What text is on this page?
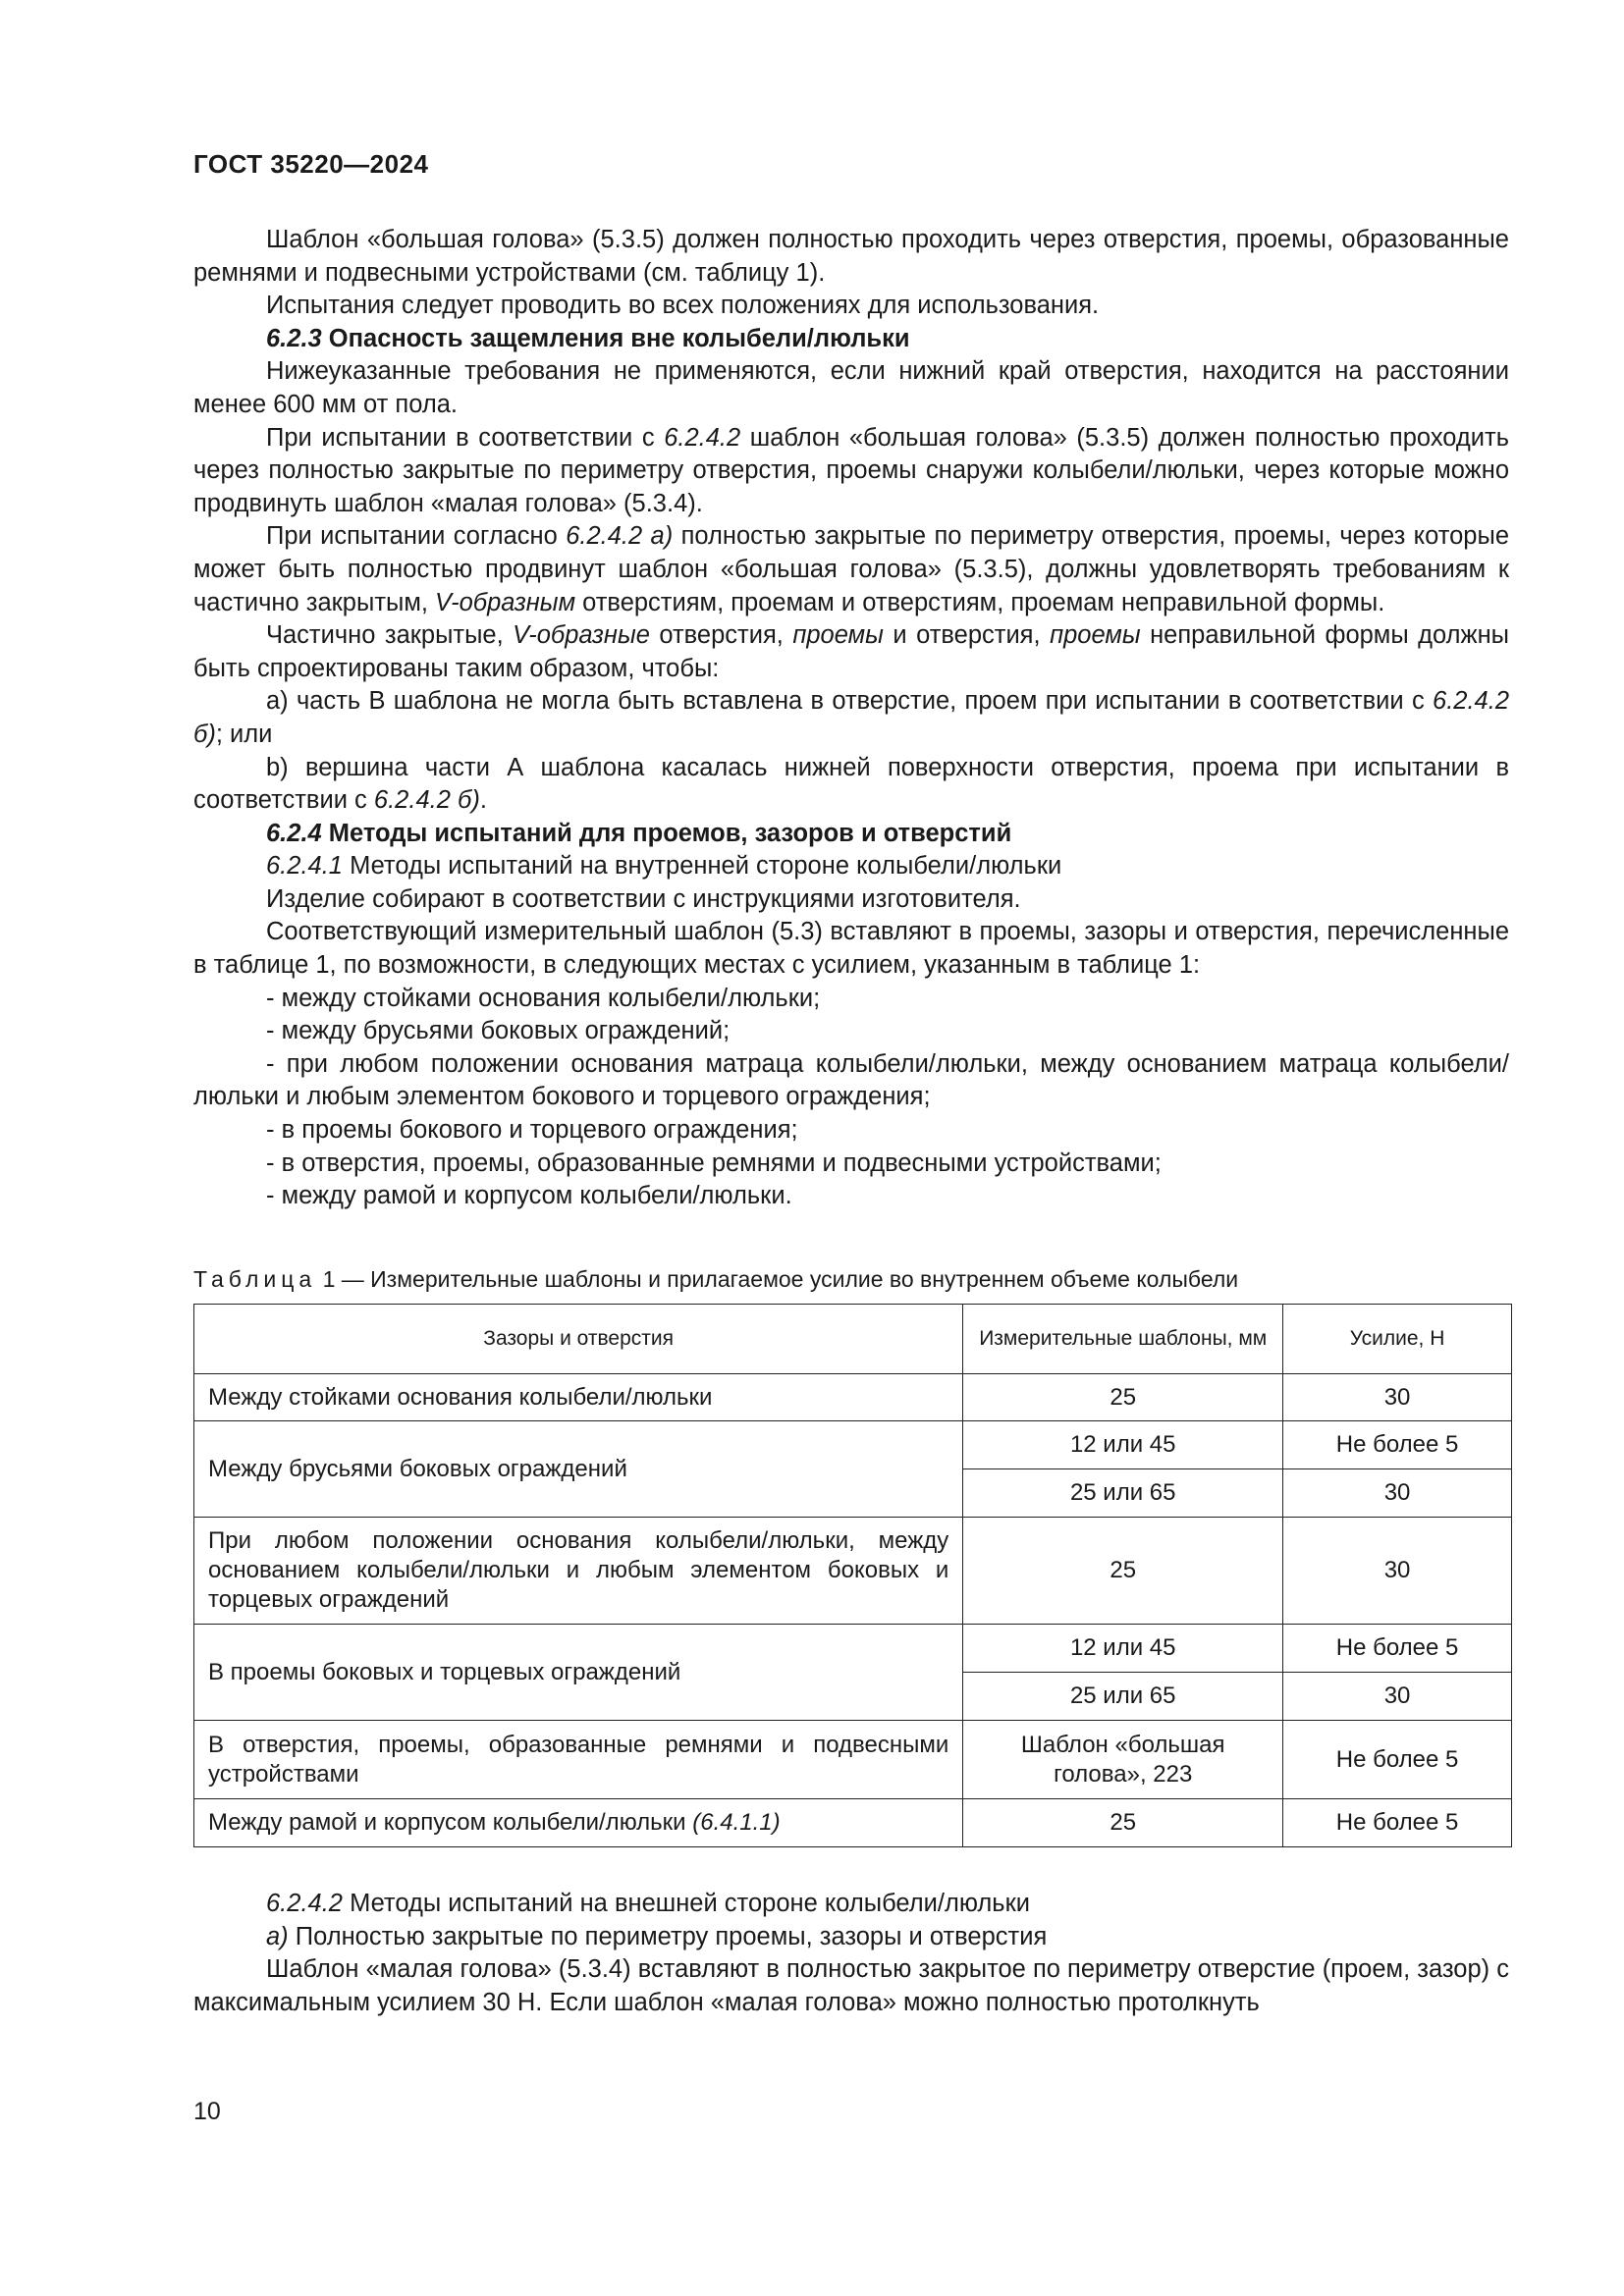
ГОСТ 35220—2024

Шаблон «большая голова» (5.3.5) должен полностью проходить через отверстия, проемы, образованные ремнями и подвесными устройствами (см. таблицу 1).

Испытания следует проводить во всех положениях для использования.

6.2.3 Опасность защемления вне колыбели/люльки

Нижеуказанные требования не применяются, если нижний край отверстия, находится на расстоянии менее 600 мм от пола.

При испытании в соответствии с 6.2.4.2 шаблон «большая голова» (5.3.5) должен полностью проходить через полностью закрытые по периметру отверстия, проемы снаружи колыбели/люльки, через которые можно продвинуть шаблон «малая голова» (5.3.4).

При испытании согласно 6.2.4.2 а) полностью закрытые по периметру отверстия, проемы, через которые может быть полностью продвинут шаблон «большая голова» (5.3.5), должны удовлетворять требованиям к частично закрытым, V-образным отверстиям, проемам и отверстиям, проемам неправильной формы.

Частично закрытые, V-образные отверстия, проемы и отверстия, проемы неправильной формы должны быть спроектированы таким образом, чтобы:

а) часть В шаблона не могла быть вставлена в отверстие, проем при испытании в соответствии с 6.2.4.2 б); или

b) вершина части А шаблона касалась нижней поверхности отверстия, проема при испытании в соответствии с 6.2.4.2 б).

6.2.4 Методы испытаний для проемов, зазоров и отверстий

6.2.4.1 Методы испытаний на внутренней стороне колыбели/люльки

Изделие собирают в соответствии с инструкциями изготовителя.

Соответствующий измерительный шаблон (5.3) вставляют в проемы, зазоры и отверстия, перечисленные в таблице 1, по возможности, в следующих местах с усилием, указанным в таблице 1:

- между стойками основания колыбели/люльки;

- между брусьями боковых ограждений;

- при любом положении основания матраца колыбели/люльки, между основанием матраца колыбели/люльки и любым элементом бокового и торцевого ограждения;

- в проемы бокового и торцевого ограждения;

- в отверстия, проемы, образованные ремнями и подвесными устройствами;

- между рамой и корпусом колыбели/люльки.

Таблица 1 — Измерительные шаблоны и прилагаемое усилие во внутреннем объеме колыбели
Зазоры и отверстия	Измерительные шаблоны, мм	Усилие, Н
Между стойками основания колыбели/люльки	25	30
Между брусьями боковых ограждений	12 или 45	Не более 5
	25 или 65	30
При любом положении основания колыбели/люльки, между основанием колыбели/люльки и любым элементом боковых и торцевых ограждений	25	30
В проемы боковых и торцевых ограждений	12 или 45	Не более 5
	25 или 65	30
В отверстия, проемы, образованные ремнями и подвесными устройствами	Шаблон «большая голова», 223	Не более 5
Между рамой и корпусом колыбели/люльки (6.4.1.1)	25	Не более 5

6.2.4.2 Методы испытаний на внешней стороне колыбели/люльки

а) Полностью закрытые по периметру проемы, зазоры и отверстия

Шаблон «малая голова» (5.3.4) вставляют в полностью закрытое по периметру отверстие (проем, зазор) с максимальным усилием 30 Н. Если шаблон «малая голова» можно полностью протолкнуть

10
